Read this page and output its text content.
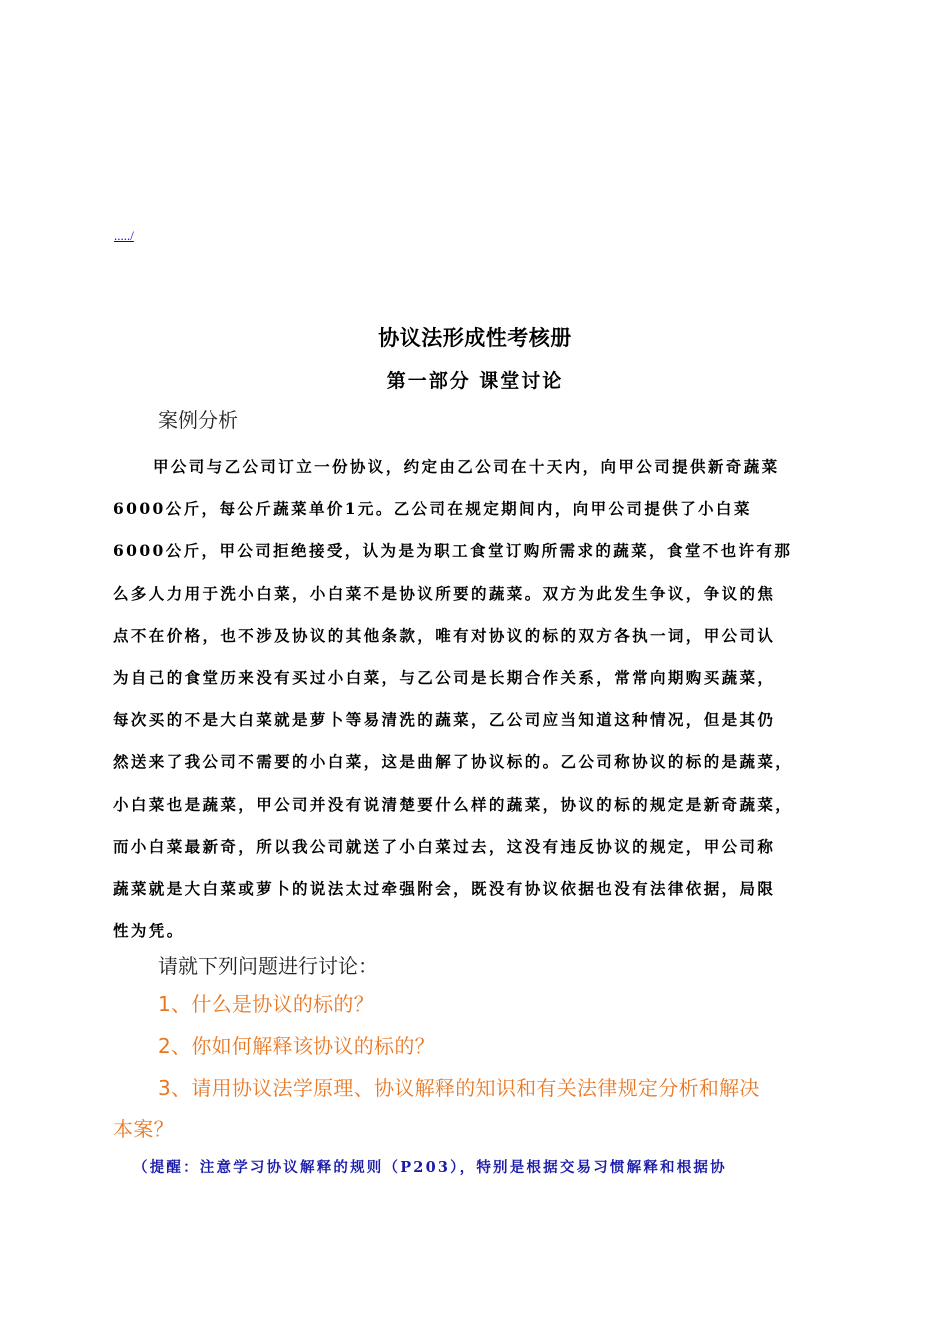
...../
协议法形成性考核册
第一部分 课堂讨论
案例分析
甲公司与乙公司订立一份协议，约定由乙公司在十天内，向甲公司提供新奇蔬菜
6000公斤，每公斤蔬菜单价1元。乙公司在规定期间内，向甲公司提供了小白菜
6000公斤，甲公司拒绝接受，认为是为职工食堂订购所需求的蔬菜，食堂不也许有那
么多人力用于洗小白菜，小白菜不是协议所要的蔬菜。双方为此发生争议，争议的焦
点不在价格，也不涉及协议的其他条款，唯有对协议的标的双方各执一词，甲公司认
为自己的食堂历来没有买过小白菜，与乙公司是长期合作关系，常常向期购买蔬菜，
每次买的不是大白菜就是萝卜等易清洗的蔬菜，乙公司应当知道这种情况，但是其仍
然送来了我公司不需要的小白菜，这是曲解了协议标的。乙公司称协议的标的是蔬菜，
小白菜也是蔬菜，甲公司并没有说清楚要什么样的蔬菜，协议的标的规定是新奇蔬菜，
而小白菜最新奇，所以我公司就送了小白菜过去，这没有违反协议的规定，甲公司称
蔬菜就是大白菜或萝卜的说法太过牵强附会，既没有协议依据也没有法律依据，局限
性为凭。
请就下列问题进行讨论：
1、什么是协议的标的？
2、你如何解释该协议的标的？
3、请用协议法学原理、协议解释的知识和有关法律规定分析和解决
本案？
（提醒：注意学习协议解释的规则（P203），特别是根据交易习惯解释和根据协
